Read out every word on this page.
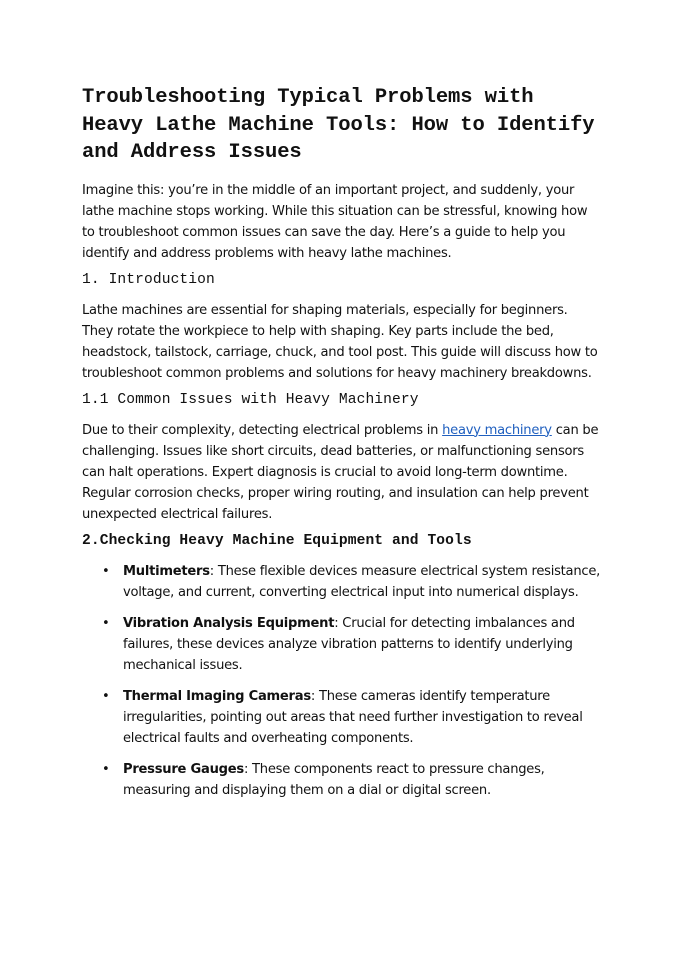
Troubleshooting Typical Problems with Heavy Lathe Machine Tools: How to Identify and Address Issues

Imagine this: you’re in the middle of an important project, and suddenly, your lathe machine stops working. While this situation can be stressful, knowing how to troubleshoot common issues can save the day. Here’s a guide to help you identify and address problems with heavy lathe machines.

1. Introduction

Lathe machines are essential for shaping materials, especially for beginners. They rotate the workpiece to help with shaping. Key parts include the bed, headstock, tailstock, carriage, chuck, and tool post. This guide will discuss how to troubleshoot common problems and solutions for heavy machinery breakdowns.

1.1 Common Issues with Heavy Machinery

Due to their complexity, detecting electrical problems in heavy machinery can be challenging. Issues like short circuits, dead batteries, or malfunctioning sensors can halt operations. Expert diagnosis is crucial to avoid long-term downtime. Regular corrosion checks, proper wiring routing, and insulation can help prevent unexpected electrical failures.

2.Checking Heavy Machine Equipment and Tools
• Multimeters: These flexible devices measure electrical system resistance, voltage, and current, converting electrical input into numerical displays.
• Vibration Analysis Equipment: Crucial for detecting imbalances and failures, these devices analyze vibration patterns to identify underlying mechanical issues.
• Thermal Imaging Cameras: These cameras identify temperature irregularities, pointing out areas that need further investigation to reveal electrical faults and overheating components.
• Pressure Gauges: These components react to pressure changes, measuring and displaying them on a dial or digital screen.
